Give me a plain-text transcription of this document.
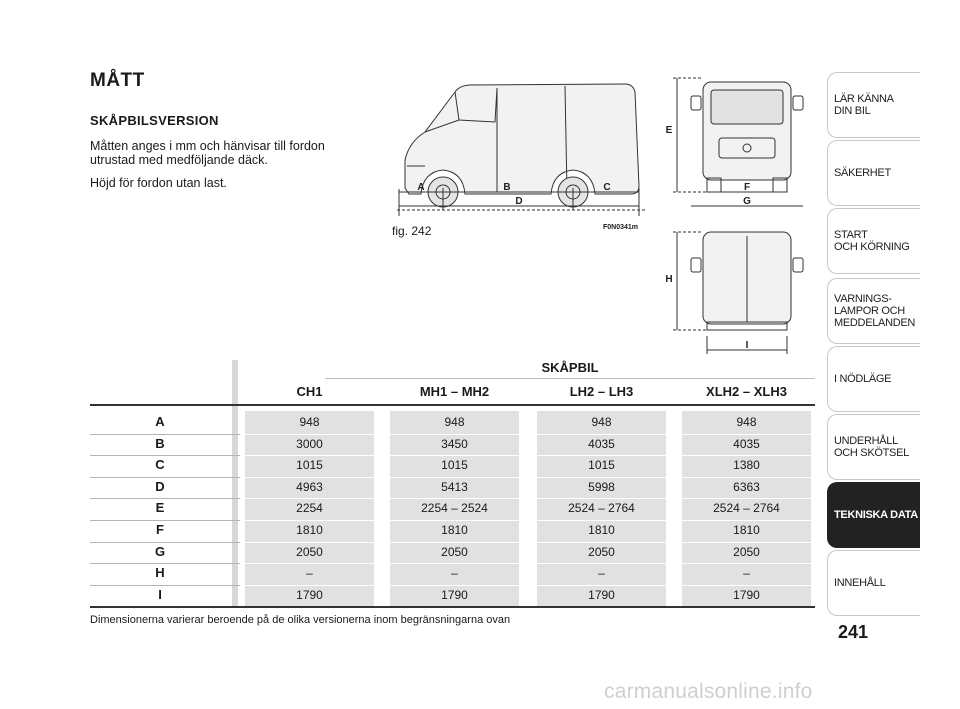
MÅTT
SKÅPBILSVERSION
Måtten anges i mm och hänvisar till fordon utrustad med medföljande däck.
Höjd för fordon utan last.	A	B	C
D
E
F
G
H
I
fig. 242	F0N0341m
SKÅPBIL
CH1	MH1 – MH2	LH2 – LH3	XLH2 – XLH3
A	948	948	948	948
B	3000	3450	4035	4035
C	1015	1015	1015	1380
D	4963	5413	5998	6363
E	2254	2254 – 2524	2524 – 2764	2524 – 2764
F	1810	1810	1810	1810
G	2050	2050	2050	2050
H	–	–	–	–
I	1790	1790	1790	1790
Dimensionerna varierar beroende på de olika versionerna inom begränsningarna ovan
LÄR KÄNNA
DIN BIL
SÄKERHET
START
OCH KÖRNING
VARNINGS-
LAMPOR OCH
MEDDELANDEN
I NÖDLÄGE
UNDERHÅLL
OCH SKÖTSEL
TEKNISKA DATA
INNEHÅLL
241
carmanualsonline.info
